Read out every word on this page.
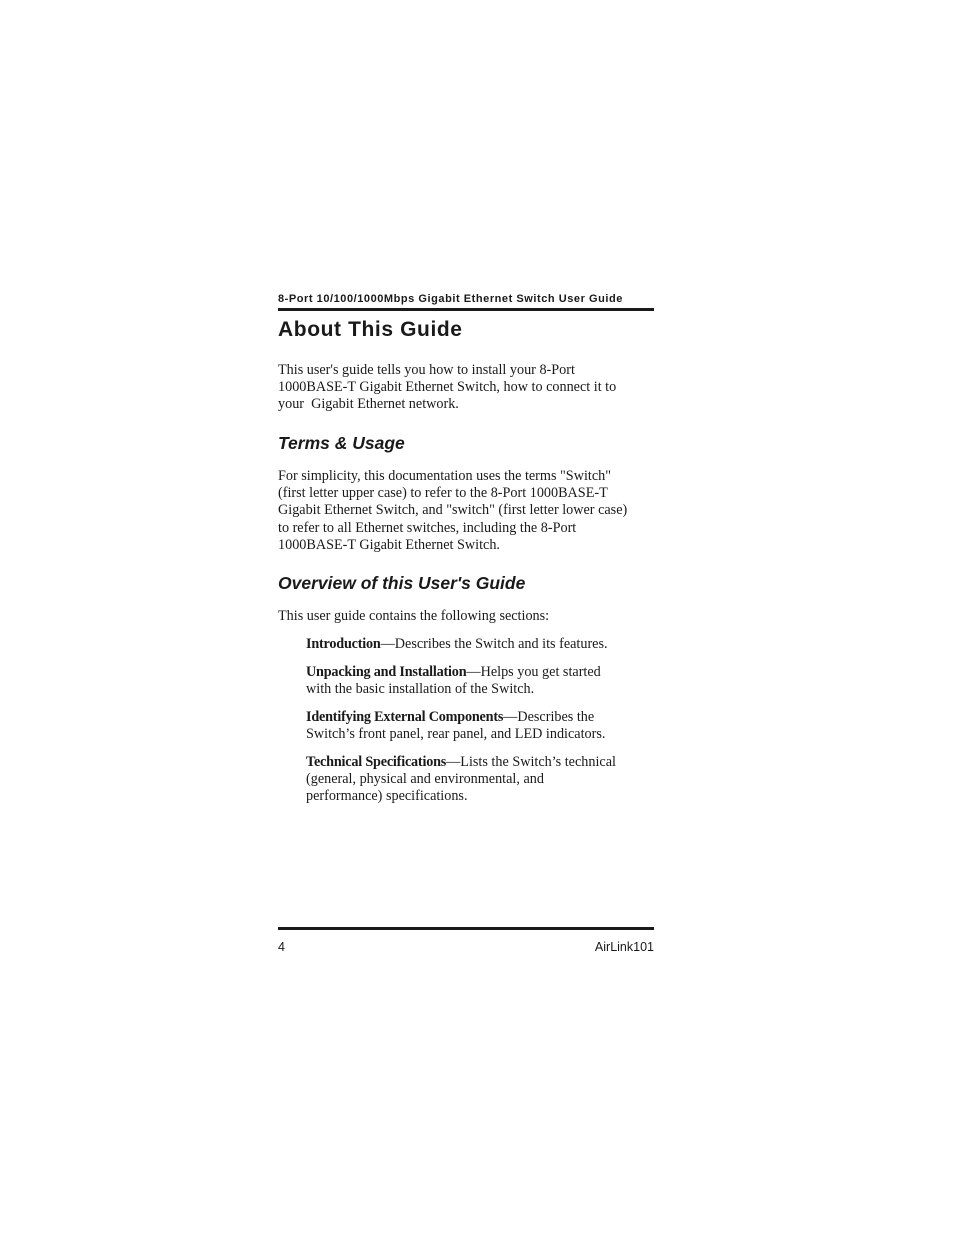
8-Port 10/100/1000Mbps Gigabit Ethernet Switch User Guide
About This Guide

This user's guide tells you how to install your 8-Port
1000BASE-T Gigabit Ethernet Switch, how to connect it to
your  Gigabit Ethernet network.

Terms & Usage

For simplicity, this documentation uses the terms "Switch"
(first letter upper case) to refer to the 8-Port 1000BASE-T
Gigabit Ethernet Switch, and "switch" (first letter lower case)
to refer to all Ethernet switches, including the 8-Port
1000BASE-T Gigabit Ethernet Switch.

Overview of this User's Guide

This user guide contains the following sections:

Introduction—Describes the Switch and its features.
Unpacking and Installation—Helps you get started
with the basic installation of the Switch.
Identifying External Components—Describes the
Switch’s front panel, rear panel, and LED indicators.
Technical Specifications—Lists the Switch’s technical
(general, physical and environmental, and
performance) specifications.
4	AirLink101
